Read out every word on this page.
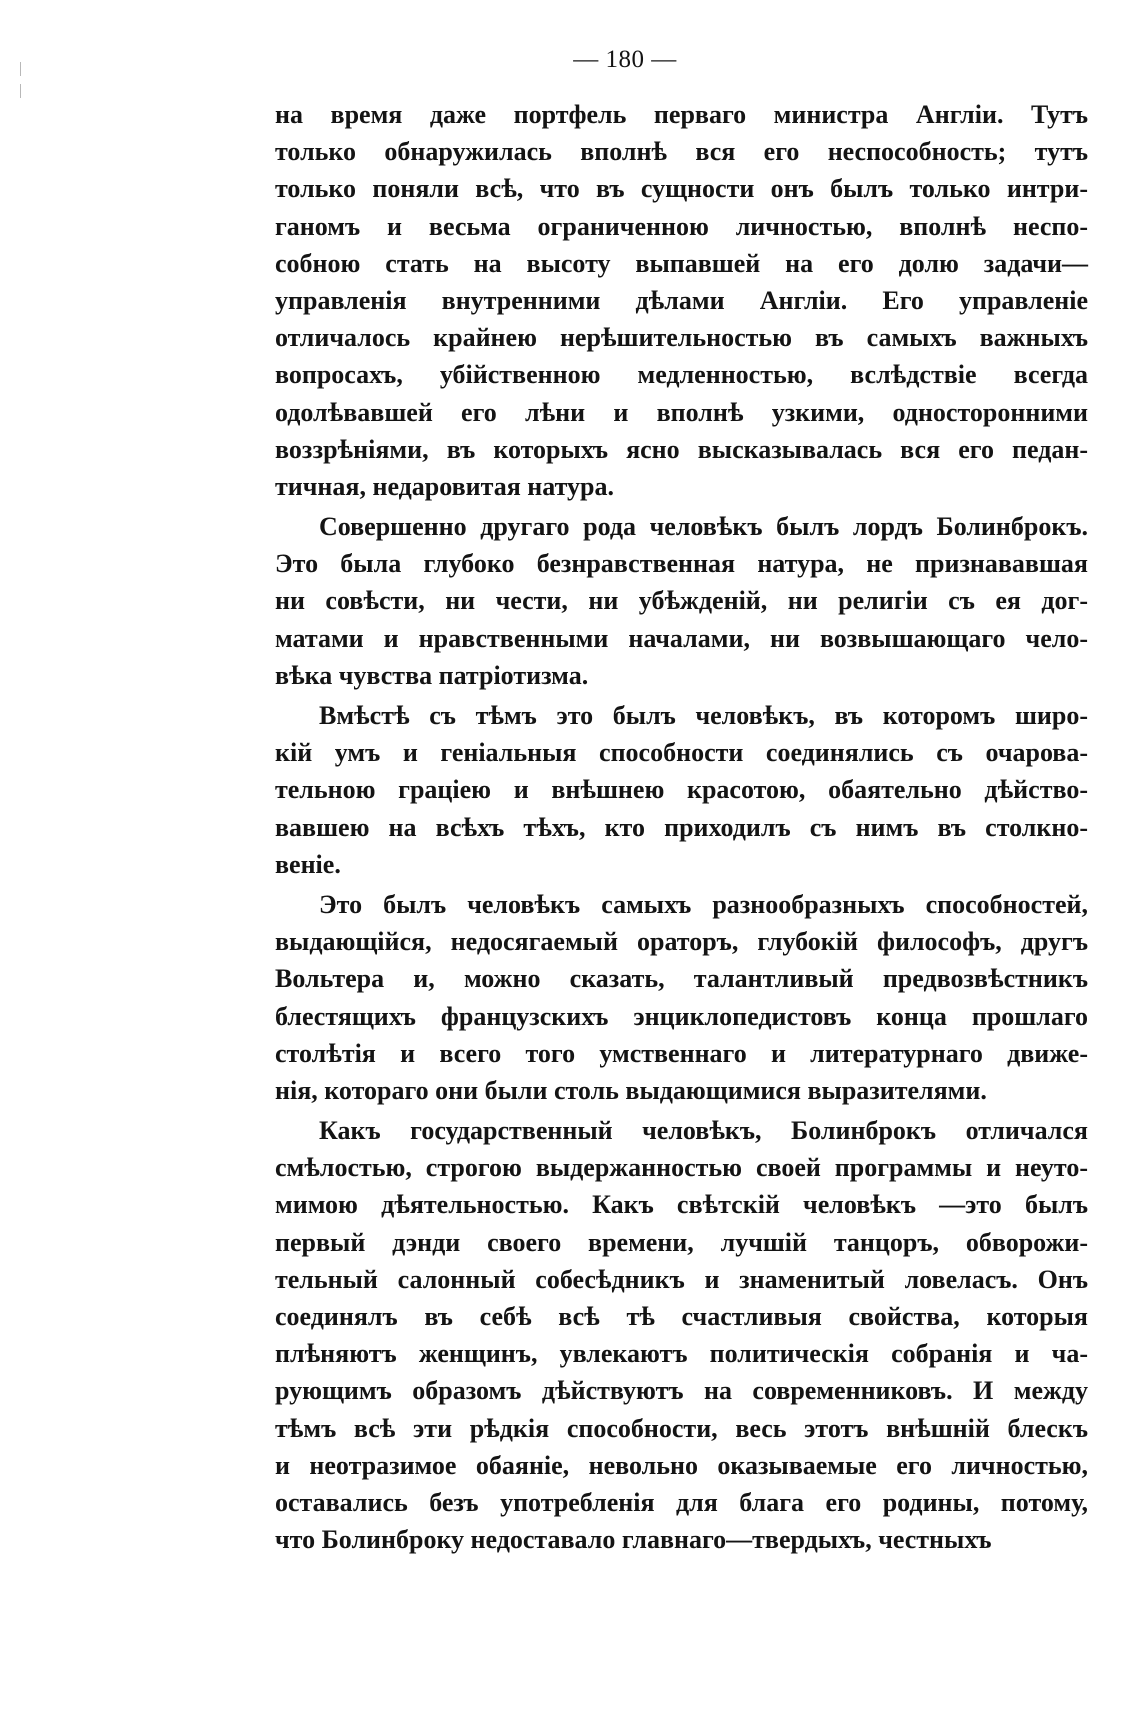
— 180 —
на время даже портфель перваго министра Англіи. Тутъ
только обнаружилась вполнѣ вся его неспособность; тутъ
только поняли всѣ, что въ сущности онъ былъ только интри-
ганомъ и весьма ограниченною личностью, вполнѣ неспо-
собною стать на высоту выпавшей на его долю задачи—
управленія внутренними дѣлами Англіи. Его управленіе
отличалось крайнею нерѣшительностью въ самыхъ важныхъ
вопросахъ, убійственною медленностью, вслѣдствіе всегда
одолѣвавшей его лѣни и вполнѣ узкими, односторонними
воззрѣніями, въ которыхъ ясно высказывалась вся его педан-
тичная, недаровитая натура.
Совершенно другаго рода человѣкъ былъ лордъ Болинброкъ.
Это была глубоко безнравственная натура, не признававшая
ни совѣсти, ни чести, ни убѣжденій, ни религіи съ ея дог-
матами и нравственными началами, ни возвышающаго чело-
вѣка чувства патріотизма.
Вмѣстѣ съ тѣмъ это былъ человѣкъ, въ которомъ широ-
кій умъ и геніальныя способности соединялись съ очарова-
тельною граціею и внѣшнею красотою, обаятельно дѣйство-
вавшею на всѣхъ тѣхъ, кто приходилъ съ нимъ въ столкно-
веніе.
Это былъ человѣкъ самыхъ разнообразныхъ способностей,
выдающійся, недосягаемый ораторъ, глубокій философъ, другъ
Вольтера и, можно сказать, талантливый предвозвѣстникъ
блестящихъ французскихъ энциклопедистовъ конца прошлаго
столѣтія и всего того умственнаго и литературнаго движе-
нія, котораго они были столь выдающимися выразителями.
Какъ государственный человѣкъ, Болинброкъ отличался
смѣлостью, строгою выдержанностью своей программы и неуто-
мимою дѣятельностью. Какъ свѣтскій человѣкъ —это былъ
первый дэнди своего времени, лучшій танцоръ, обворожи-
тельный салонный собесѣдникъ и знаменитый ловеласъ. Онъ
соединялъ въ себѣ всѣ тѣ счастливыя свойства, которыя
плѣняютъ женщинъ, увлекаютъ политическія собранія и ча-
рующимъ образомъ дѣйствуютъ на современниковъ. И между
тѣмъ всѣ эти рѣдкія способности, весь этотъ внѣшній блескъ
и неотразимое обаяніе, невольно оказываемые его личностью,
оставались безъ употребленія для блага его родины, потому,
что Болинброку недоставало главнаго—твердыхъ, честныхъ
